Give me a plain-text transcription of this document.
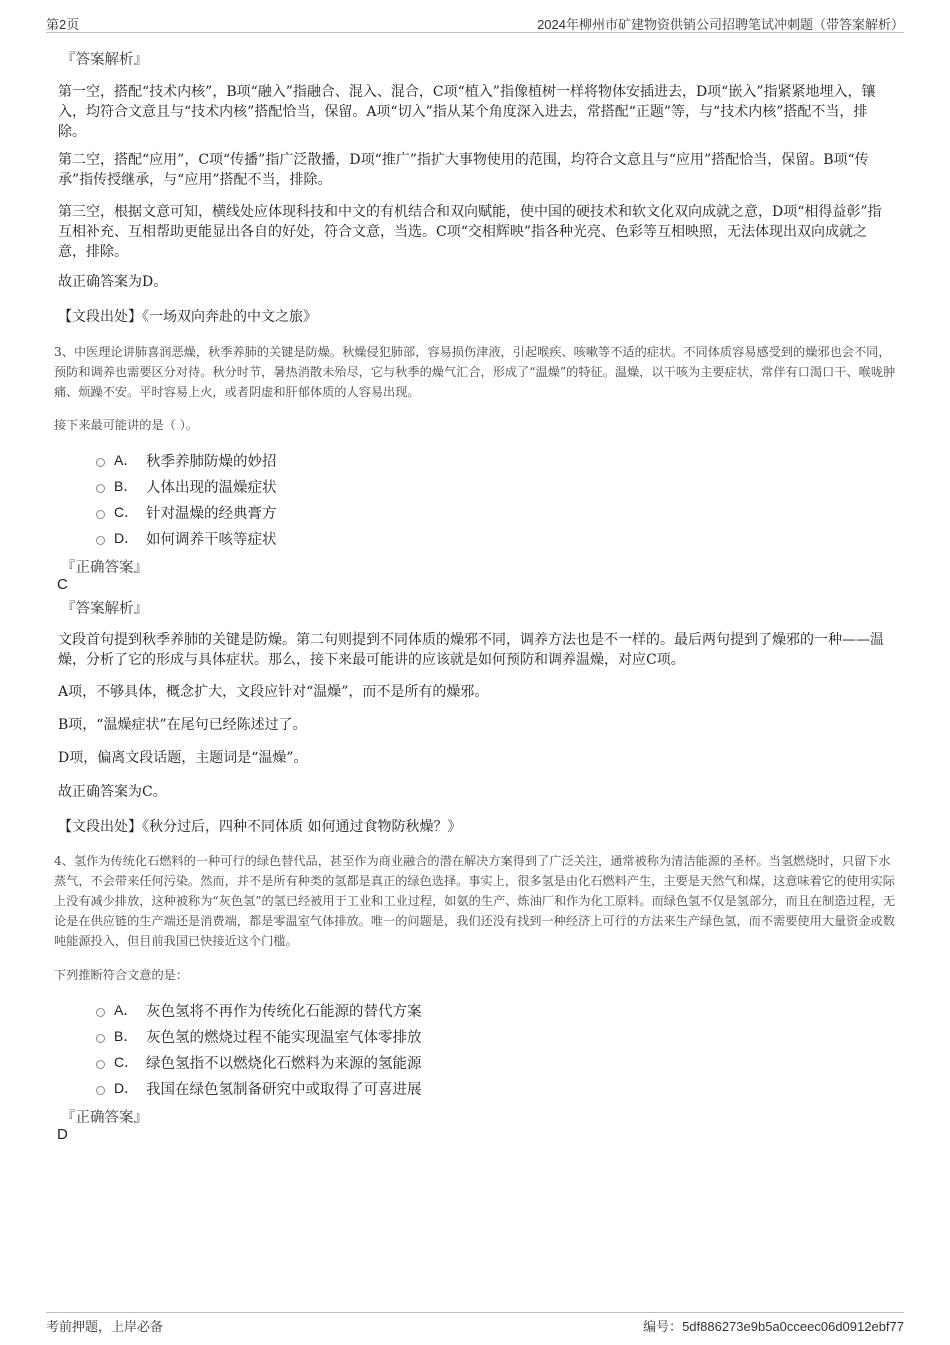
第2页	2024年柳州市矿建物资供销公司招聘笔试冲刺题（带答案解析）
『答案解析』

第一空，搭配“技术内核”，B项“融入”指融合、混入、混合，C项“植入”指像植树一样将物体安插进去，D项“嵌入”指紧紧地埋入，镶入，均符合文意且与“技术内核”搭配恰当，保留。A项“切入”指从某个角度深入进去，常搭配“正题”等，与“技术内核”搭配不当，排除。

第二空，搭配“应用”，C项“传播”指广泛散播，D项“推广”指扩大事物使用的范围，均符合文意且与“应用”搭配恰当，保留。B项“传承”指传授继承，与“应用”搭配不当，排除。

第三空，根据文意可知，横线处应体现科技和中文的有机结合和双向赋能，使中国的硬技术和软文化双向成就之意，D项“相得益彰”指互相补充、互相帮助更能显出各自的好处，符合文意，当选。C项“交相辉映”指各种光亮、色彩等互相映照，无法体现出双向成就之意，排除。

故正确答案为D。

【文段出处】《一场双向奔赴的中文之旅》

3、中医理论讲肺喜润恶燥，秋季养肺的关键是防燥。秋燥侵犯肺部，容易损伤津液，引起喉疾、咳嗽等不适的症状。不同体质容易感受到的燥邪也会不同，预防和调养也需要区分对待。秋分时节，暑热消散未殆尽，它与秋季的燥气汇合，形成了“温燥”的特征。温燥，以干咳为主要症状，常伴有口渴口干、喉咙肿痛、烦躁不安。平时容易上火，或者阴虚和肝郁体质的人容易出现。

接下来最可能讲的是（ ）。
A． 秋季养肺防燥的妙招
B． 人体出现的温燥症状
C． 针对温燥的经典膏方
D． 如何调养干咳等症状
『正确答案』
C
『答案解析』

文段首句提到秋季养肺的关键是防燥。第二句则提到不同体质的燥邪不同，调养方法也是不一样的。最后两句提到了燥邪的一种——温燥，分析了它的形成与具体症状。那么，接下来最可能讲的应该就是如何预防和调养温燥，对应C项。

A项，不够具体，概念扩大，文段应针对“温燥”，而不是所有的燥邪。

B项，“温燥症状”在尾句已经陈述过了。

D项，偏离文段话题，主题词是“温燥”。

故正确答案为C。

【文段出处】《秋分过后，四种不同体质 如何通过食物防秋燥？》

4、氢作为传统化石燃料的一种可行的绿色替代品，甚至作为商业融合的潜在解决方案得到了广泛关注，通常被称为清洁能源的圣杯。当氢燃烧时，只留下水蒸气，不会带来任何污染。然而，并不是所有种类的氢都是真正的绿色选择。事实上，很多氢是由化石燃料产生，主要是天然气和煤，这意味着它的使用实际上没有减少排放，这种被称为“灰色氢”的氢已经被用于工业和工业过程，如氨的生产、炼油厂和作为化工原料。而绿色氢不仅是氢部分，而且在制造过程，无论是在供应链的生产端还是消费端，都是零温室气体排放。唯一的问题是，我们还没有找到一种经济上可行的方法来生产绿色氢，而不需要使用大量资金或数吨能源投入，但目前我国已快接近这个门槛。

下列推断符合文意的是：
A． 灰色氢将不再作为传统化石能源的替代方案
B． 灰色氢的燃烧过程不能实现温室气体零排放
C． 绿色氢指不以燃烧化石燃料为来源的氢能源
D． 我国在绿色氢制备研究中或取得了可喜进展
『正确答案』
D
考前押题，上岸必备	编号：5df886273e9b5a0cceec06d0912ebf77
